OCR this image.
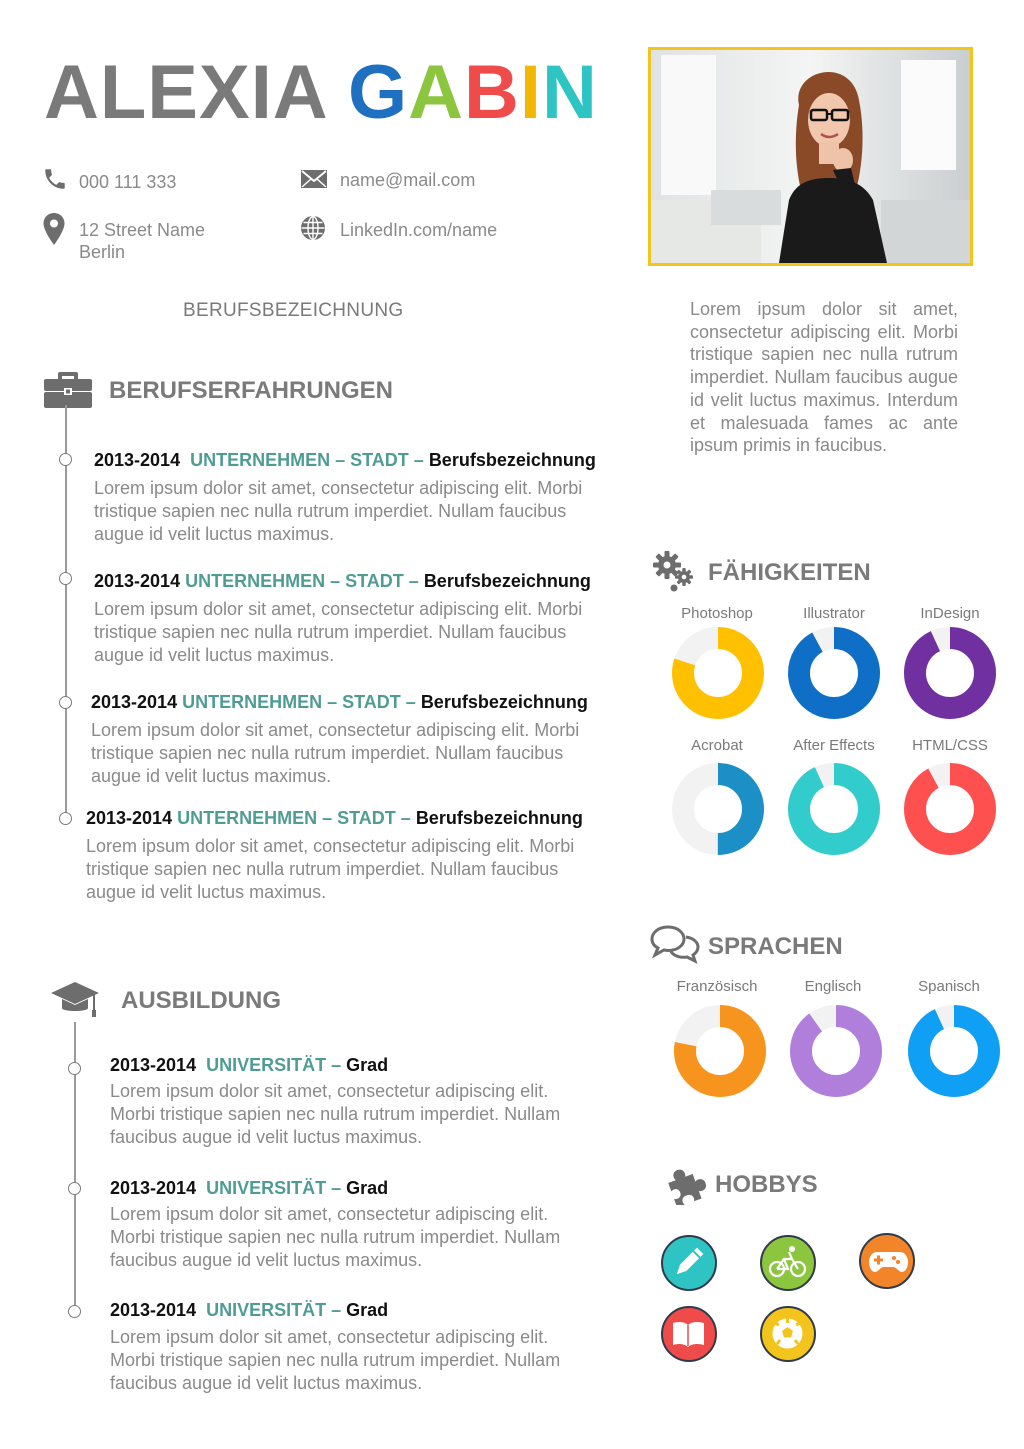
ALEXIA GABIN
000 111 333	name@mail.com
12 Street Name
Berlin
LinkedIn.com/name
BERUFSBEZEICHNUNG	Lorem ipsum dolor sit amet, consectetur adipiscing elit. Morbi tristique sapien nec nulla rutrum imperdiet. Nullam faucibus augue id velit luctus maximus. Interdum et malesuada fames ac ante ipsum primis in faucibus.
BERUFSERFAHRUNGEN
2013-2014 UNTERNEHMEN – STADT – Berufsbezeichnung
Lorem ipsum dolor sit amet, consectetur adipiscing elit. Morbi tristique sapien nec nulla rutrum imperdiet. Nullam faucibus augue id velit luctus maximus.
2013-2014 UNTERNEHMEN – STADT – Berufsbezeichnung
Lorem ipsum dolor sit amet, consectetur adipiscing elit. Morbi tristique sapien nec nulla rutrum imperdiet. Nullam faucibus augue id velit luctus maximus.
2013-2014 UNTERNEHMEN – STADT – Berufsbezeichnung
Lorem ipsum dolor sit amet, consectetur adipiscing elit. Morbi tristique sapien nec nulla rutrum imperdiet. Nullam faucibus augue id velit luctus maximus.
2013-2014 UNTERNEHMEN – STADT – Berufsbezeichnung
Lorem ipsum dolor sit amet, consectetur adipiscing elit. Morbi tristique sapien nec nulla rutrum imperdiet. Nullam faucibus augue id velit luctus maximus.
AUSBILDUNG
2013-2014 UNIVERSITÄT – Grad
Lorem ipsum dolor sit amet, consectetur adipiscing elit. Morbi tristique sapien nec nulla rutrum imperdiet. Nullam faucibus augue id velit luctus maximus.
2013-2014 UNIVERSITÄT – Grad
Lorem ipsum dolor sit amet, consectetur adipiscing elit. Morbi tristique sapien nec nulla rutrum imperdiet. Nullam faucibus augue id velit luctus maximus.
2013-2014 UNIVERSITÄT – Grad
Lorem ipsum dolor sit amet, consectetur adipiscing elit. Morbi tristique sapien nec nulla rutrum imperdiet. Nullam faucibus augue id velit luctus maximus.
FÄHIGKEITEN
Photoshop	Illustrator	InDesign
Acrobat	After Effects	HTML/CSS
SPRACHEN
Französisch	Englisch	Spanisch
HOBBYS
